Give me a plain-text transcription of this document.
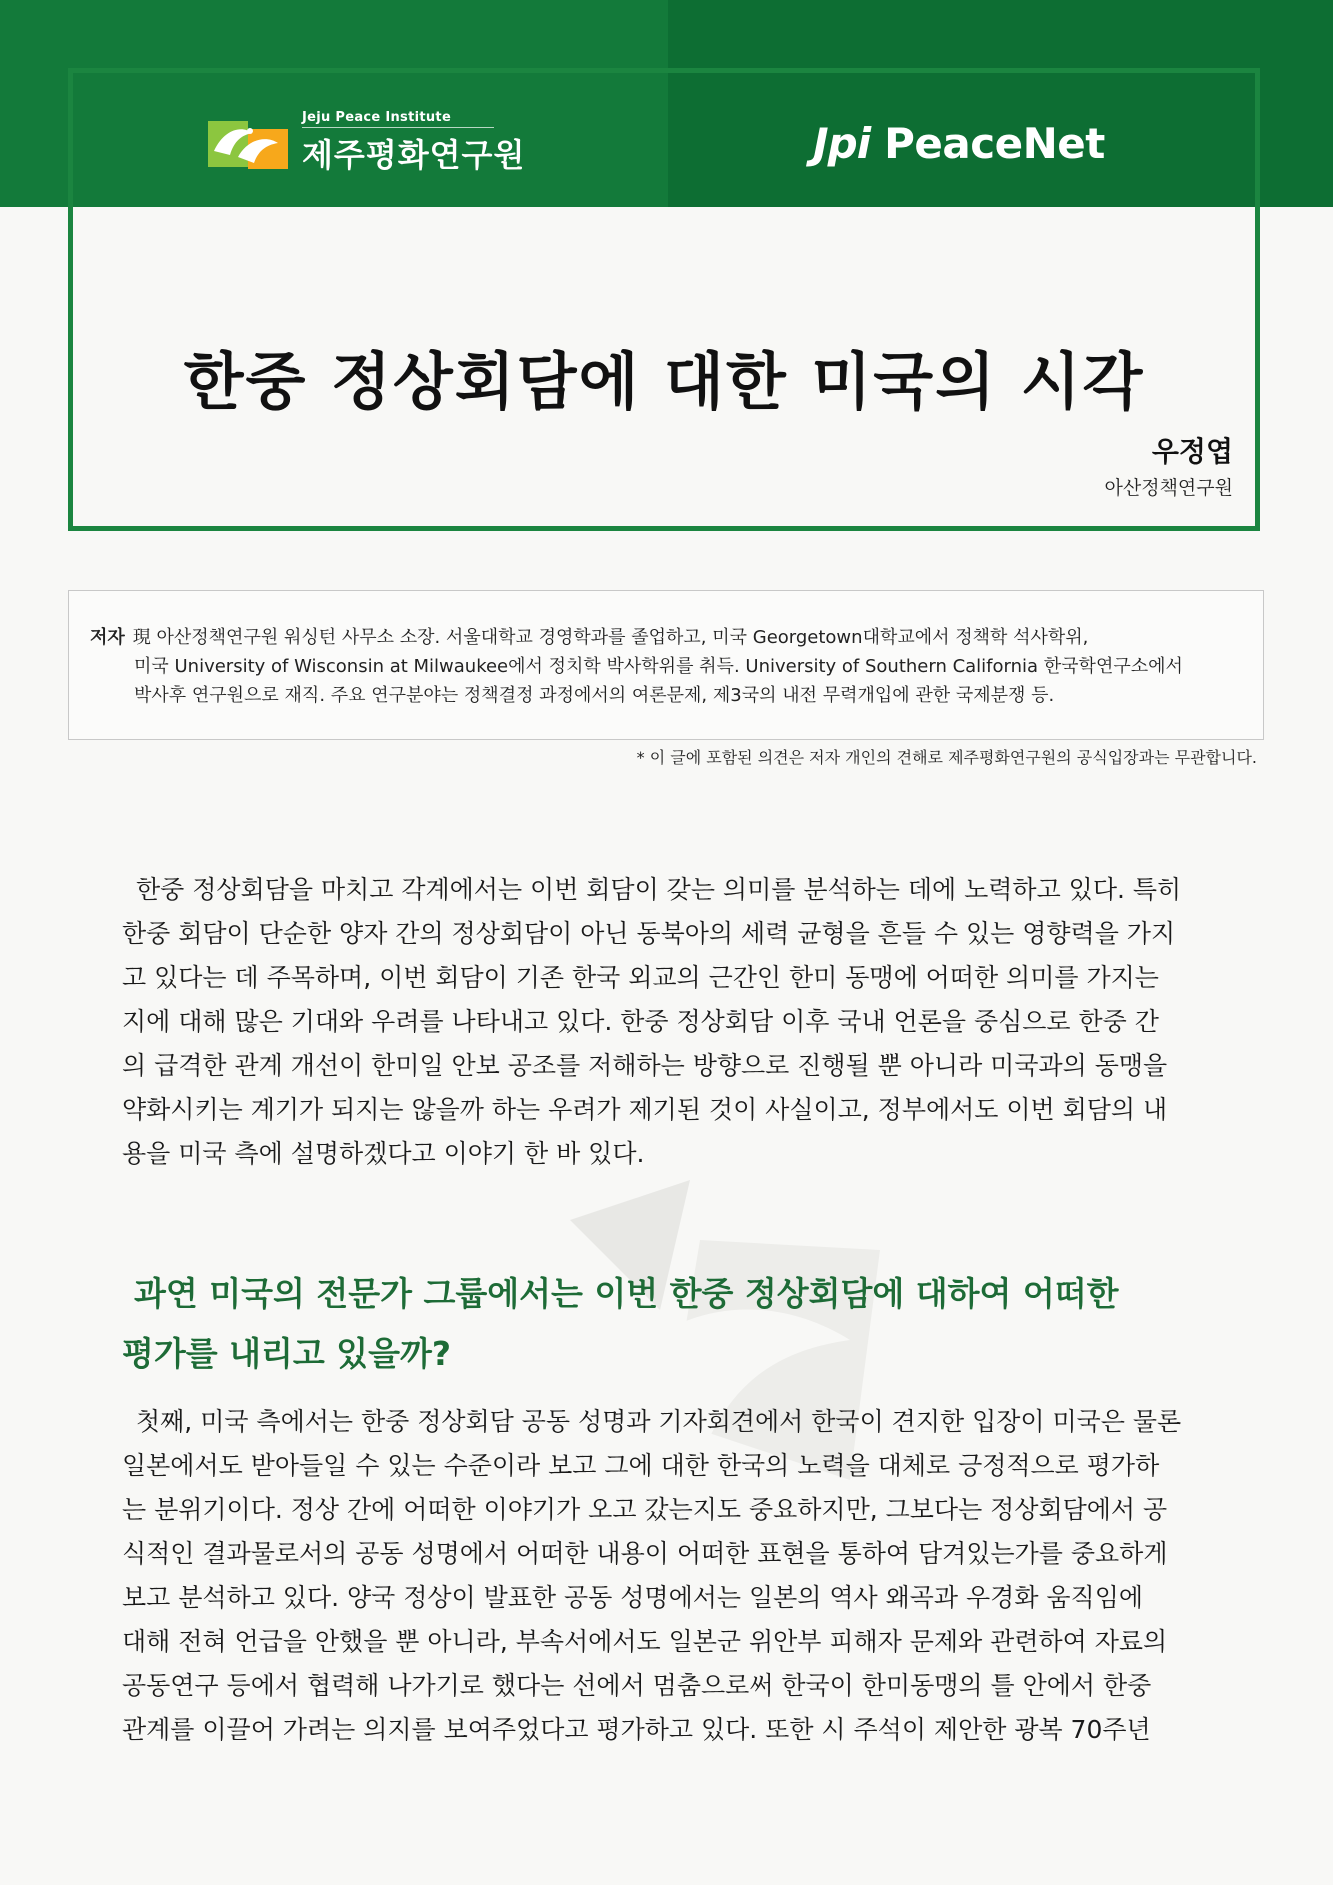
Jeju Peace Institute
제주평화연구원	Jpi PeaceNet
한중 정상회담에 대한 미국의 시각
우정엽
아산정책연구원
저자 現 아산정책연구원 워싱턴 사무소 소장. 서울대학교 경영학과를 졸업하고, 미국 Georgetown대학교에서 정책학 석사학위,
미국 University of Wisconsin at Milwaukee에서 정치학 박사학위를 취득. University of Southern California 한국학연구소에서
박사후 연구원으로 재직. 주요 연구분야는 정책결정 과정에서의 여론문제, 제3국의 내전 무력개입에 관한 국제분쟁 등.
* 이 글에 포함된 의견은 저자 개인의 견해로 제주평화연구원의 공식입장과는 무관합니다.
한중 정상회담을 마치고 각계에서는 이번 회담이 갖는 의미를 분석하는 데에 노력하고 있다. 특히
한중 회담이 단순한 양자 간의 정상회담이 아닌 동북아의 세력 균형을 흔들 수 있는 영향력을 가지
고 있다는 데 주목하며, 이번 회담이 기존 한국 외교의 근간인 한미 동맹에 어떠한 의미를 가지는
지에 대해 많은 기대와 우려를 나타내고 있다. 한중 정상회담 이후 국내 언론을 중심으로 한중 간
의 급격한 관계 개선이 한미일 안보 공조를 저해하는 방향으로 진행될 뿐 아니라 미국과의 동맹을
약화시키는 계기가 되지는 않을까 하는 우려가 제기된 것이 사실이고, 정부에서도 이번 회담의 내
용을 미국 측에 설명하겠다고 이야기 한 바 있다.
과연 미국의 전문가 그룹에서는 이번 한중 정상회담에 대하여 어떠한
평가를 내리고 있을까?
첫째, 미국 측에서는 한중 정상회담 공동 성명과 기자회견에서 한국이 견지한 입장이 미국은 물론
일본에서도 받아들일 수 있는 수준이라 보고 그에 대한 한국의 노력을 대체로 긍정적으로 평가하
는 분위기이다. 정상 간에 어떠한 이야기가 오고 갔는지도 중요하지만, 그보다는 정상회담에서 공
식적인 결과물로서의 공동 성명에서 어떠한 내용이 어떠한 표현을 통하여 담겨있는가를 중요하게
보고 분석하고 있다. 양국 정상이 발표한 공동 성명에서는 일본의 역사 왜곡과 우경화 움직임에
대해 전혀 언급을 안했을 뿐 아니라, 부속서에서도 일본군 위안부 피해자 문제와 관련하여 자료의
공동연구 등에서 협력해 나가기로 했다는 선에서 멈춤으로써 한국이 한미동맹의 틀 안에서 한중
관계를 이끌어 가려는 의지를 보여주었다고 평가하고 있다. 또한 시 주석이 제안한 광복 70주년
